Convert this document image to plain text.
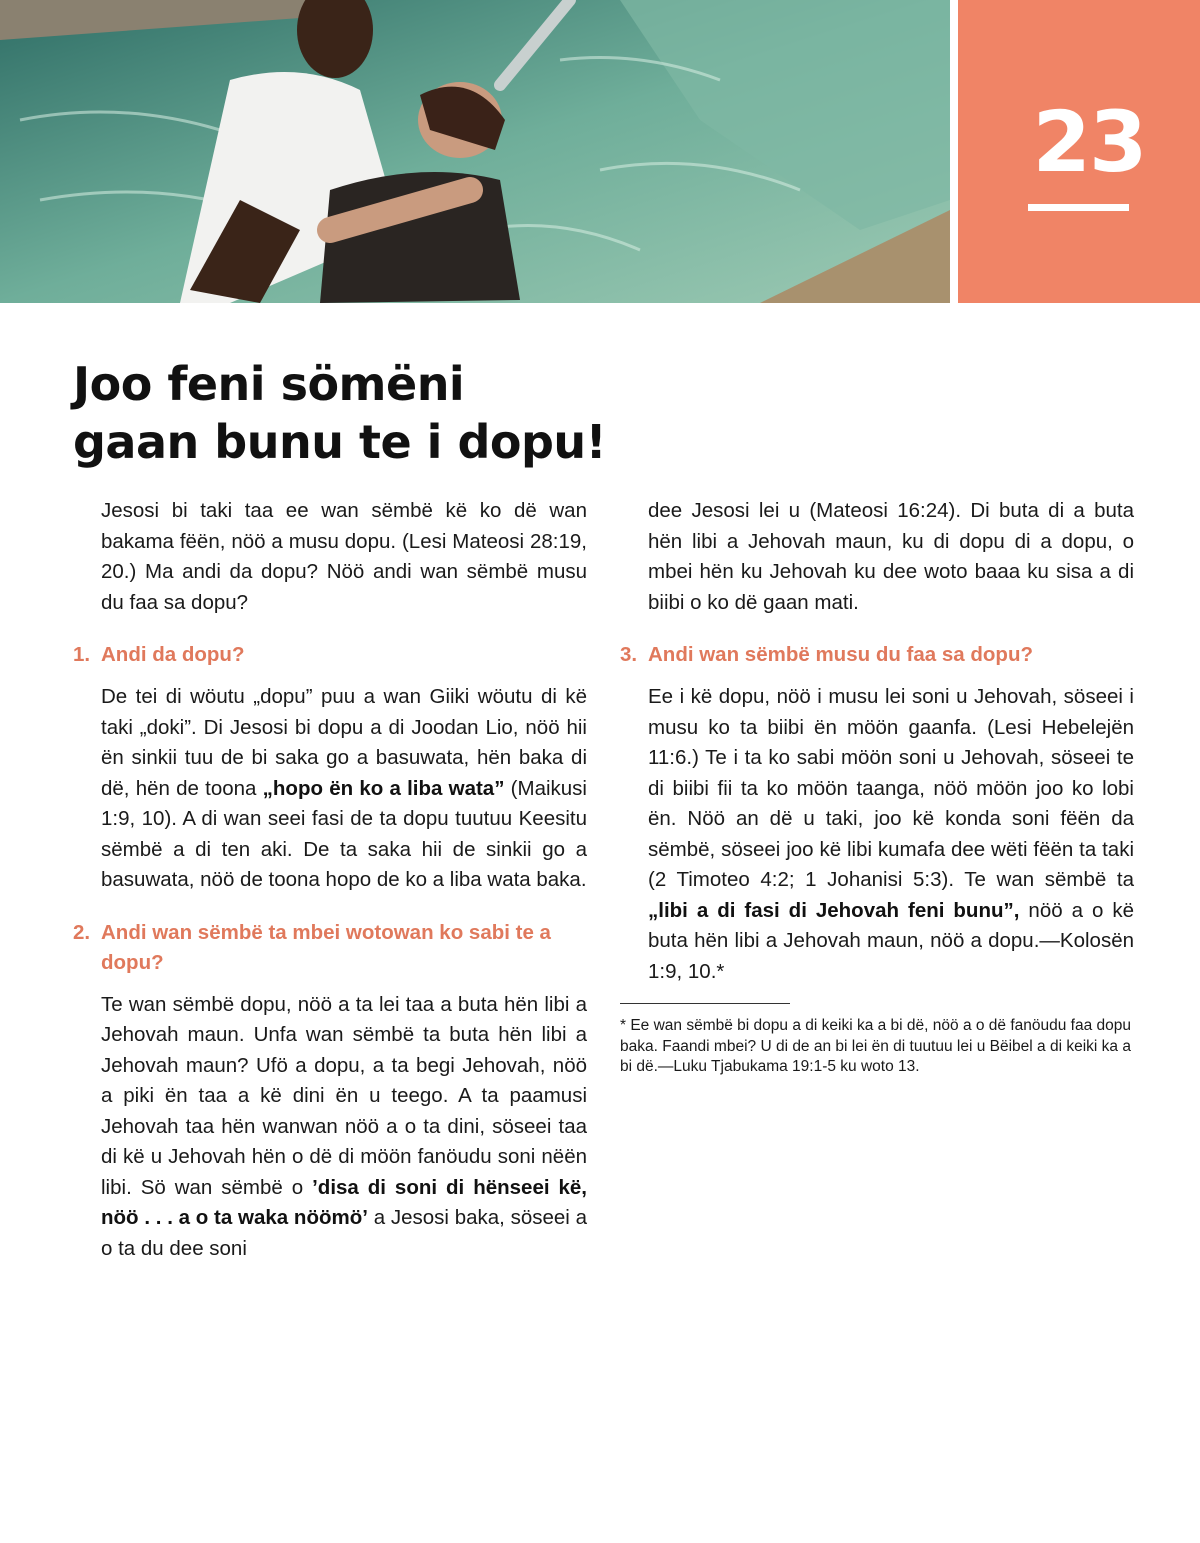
23
Joo feni sömëni
gaan bunu te i dopu!

Jesosi bi taki taa ee wan sëmbë kë ko dë wan bakama fëën, nöö a musu dopu. (Lesi Mateosi 28:19, 20.) Ma andi da dopu? Nöö andi wan sëmbë musu du faa sa dopu?

1. Andi da dopu?

De tei di wöutu „dopu” puu a wan Giiki wöutu di kë taki „doki”. Di Jesosi bi dopu a di Joodan Lio, nöö hii ën sinkii tuu de bi saka go a basuwata, hën baka di dë, hën de toona „hopo ën ko a liba wata” (Maikusi 1:9, 10). A di wan seei fasi de ta dopu tuutuu Keesitu sëmbë a di ten aki. De ta saka hii de sinkii go a basuwata, nöö de toona hopo de ko a liba wata baka.

2. Andi wan sëmbë ta mbei wotowan ko sabi te a dopu?

Te wan sëmbë dopu, nöö a ta lei taa a buta hën libi a Jehovah maun. Unfa wan sëmbë ta buta hën libi a Jehovah maun? Ufö a dopu, a ta begi Jehovah, nöö a piki ën taa a kë dini ën u teego. A ta paamusi Jehovah taa hën wanwan nöö a o ta dini, söseei taa di kë u Jehovah hën o dë di möön fanöudu soni nëën libi. Sö wan sëmbë o ’disa di soni di hënseei kë, nöö . . . a o ta waka nöömö’ a Jesosi baka, söseei a o ta du dee soni

dee Jesosi lei u (Mateosi 16:24). Di buta di a buta hën libi a Jehovah maun, ku di dopu di a dopu, o mbei hën ku Jehovah ku dee woto baaa ku sisa a di biibi o ko dë gaan mati.

3. Andi wan sëmbë musu du faa sa dopu?

Ee i kë dopu, nöö i musu lei soni u Jehovah, söseei i musu ko ta biibi ën möön gaanfa. (Lesi Hebelejën 11:6.) Te i ta ko sabi möön soni u Jehovah, söseei te di biibi fii ta ko möön taanga, nöö möön joo ko lobi ën. Nöö an dë u taki, joo kë konda soni fëën da sëmbë, söseei joo kë libi kumafa dee wëti fëën ta taki (2 Timoteo 4:2; 1 Johanisi 5:3). Te wan sëmbë ta „libi a di fasi di Jehovah feni bunu”, nöö a o kë buta hën libi a Jehovah maun, nöö a dopu.—Kolosën 1:9, 10.*

* Ee wan sëmbë bi dopu a di keiki ka a bi dë, nöö a o dë fanöudu faa dopu baka. Faandi mbei? U di de an bi lei ën di tuutuu lei u Bëibel a di keiki ka a bi dë.—Luku Tjabukama 19:1-5 ku woto 13.
